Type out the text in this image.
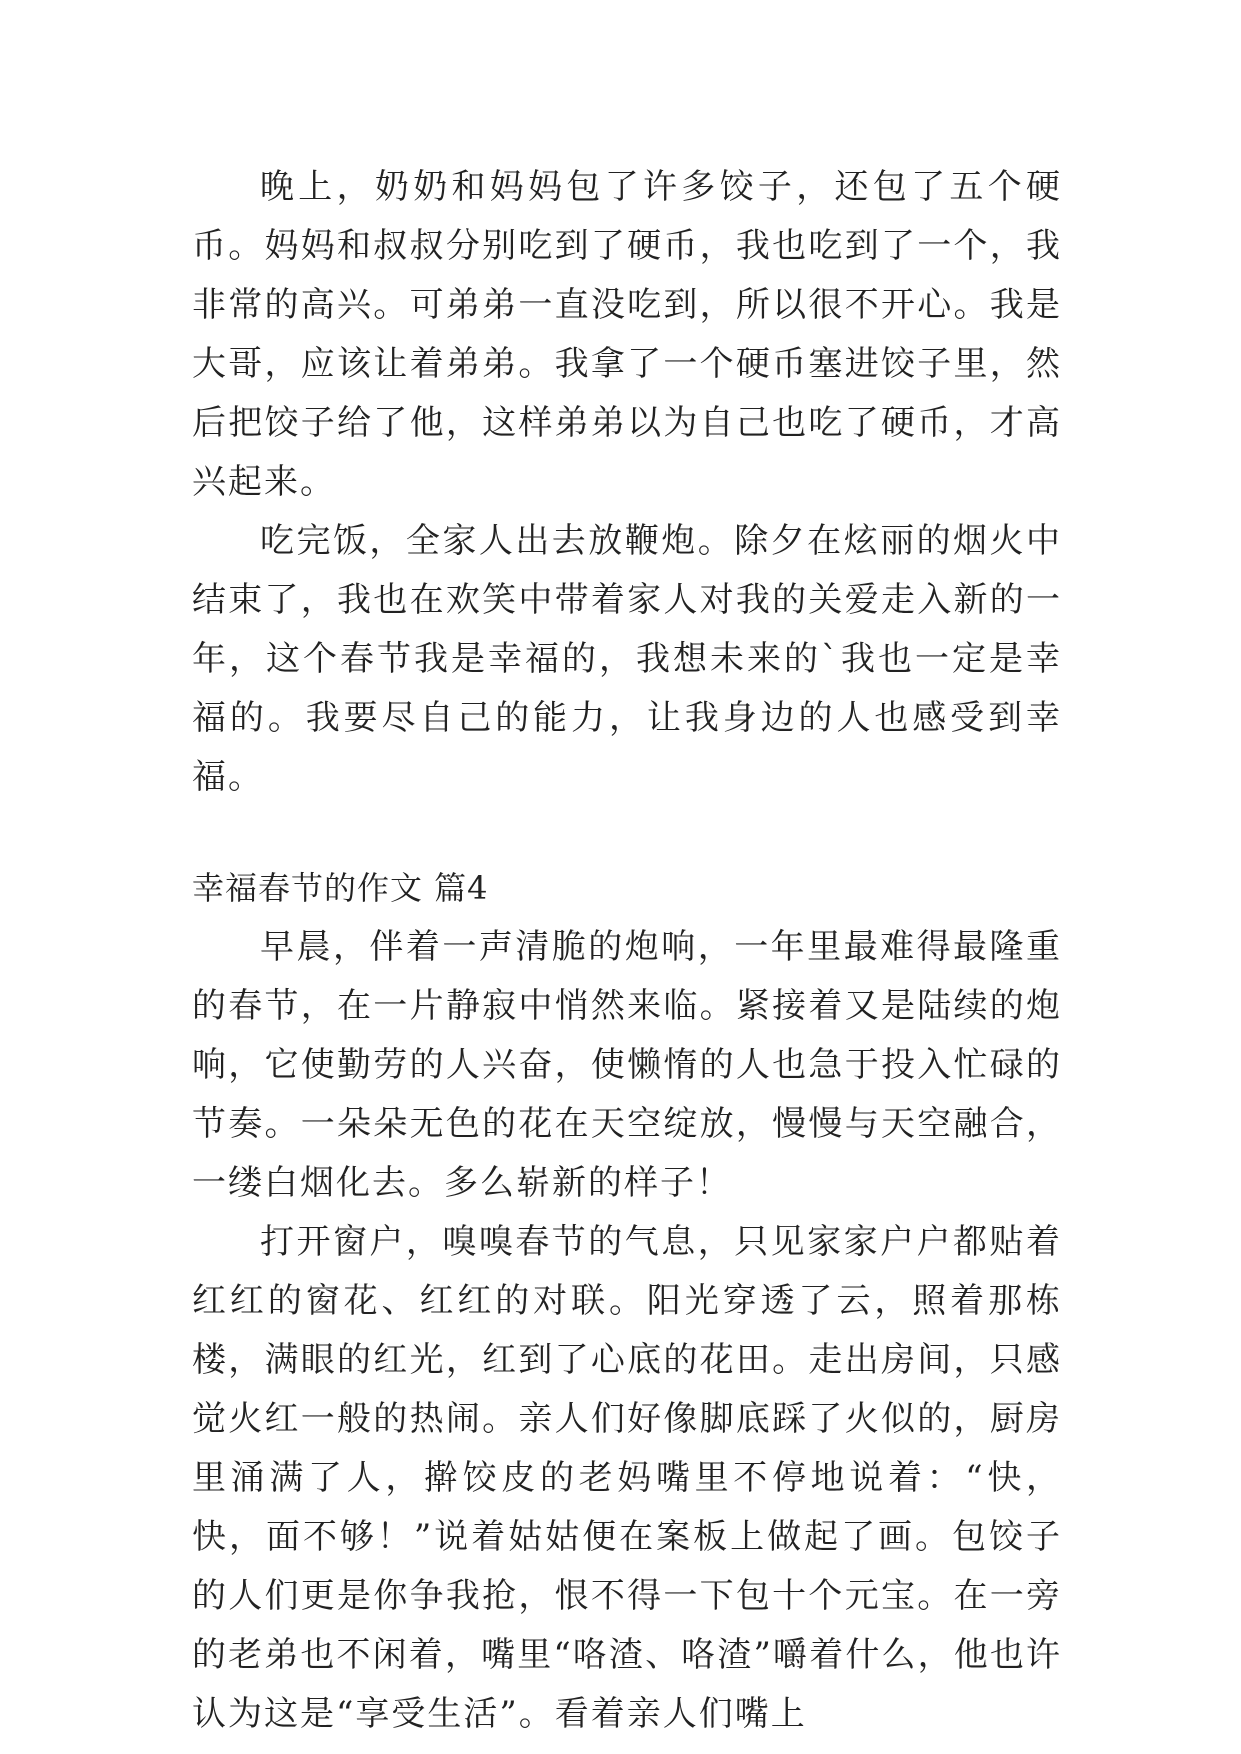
晚上，奶奶和妈妈包了许多饺子，还包了五个硬币。妈妈和叔叔分别吃到了硬币，我也吃到了一个，我非常的高兴。可弟弟一直没吃到，所以很不开心。我是大哥，应该让着弟弟。我拿了一个硬币塞进饺子里，然后把饺子给了他，这样弟弟以为自己也吃了硬币，才高兴起来。

吃完饭，全家人出去放鞭炮。除夕在炫丽的烟火中结束了，我也在欢笑中带着家人对我的关爱走入新的一年，这个春节我是幸福的，我想未来的`我也一定是幸福的。我要尽自己的能力，让我身边的人也感受到幸福。

幸福春节的作文 篇4

早晨，伴着一声清脆的炮响，一年里最难得最隆重的春节，在一片静寂中悄然来临。紧接着又是陆续的炮响，它使勤劳的人兴奋，使懒惰的人也急于投入忙碌的节奏。一朵朵无色的花在天空绽放，慢慢与天空融合，一缕白烟化去。多么崭新的样子！

打开窗户，嗅嗅春节的气息，只见家家户户都贴着红红的窗花、红红的对联。阳光穿透了云，照着那栋楼，满眼的红光，红到了心底的花田。走出房间，只感觉火红一般的热闹。亲人们好像脚底踩了火似的，厨房里涌满了人，擀饺皮的老妈嘴里不停地说着：“快，快，面不够！”说着姑姑便在案板上做起了画。包饺子的人们更是你争我抢，恨不得一下包十个元宝。在一旁的老弟也不闲着，嘴里“咯渣、咯渣”嚼着什么，他也许认为这是“享受生活”。看着亲人们嘴上
